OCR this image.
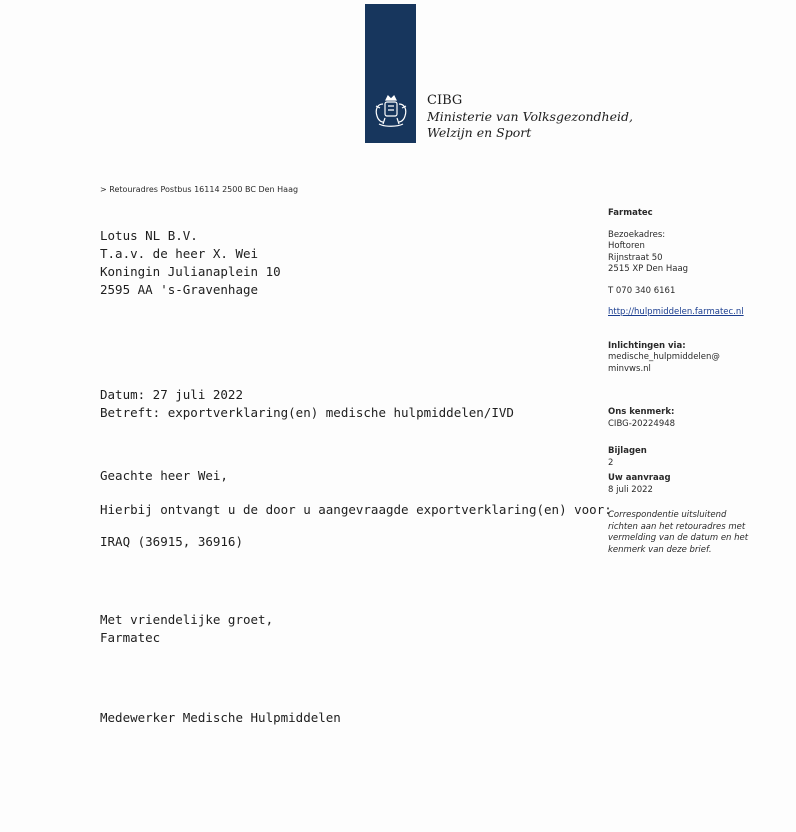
CIBG
Ministerie van Volksgezondheid,
Welzijn en Sport
> Retouradres Postbus 16114 2500 BC Den Haag
Lotus NL B.V.
T.a.v. de heer X. Wei
Koningin Julianaplein 10
2595 AA 's-Gravenhage
Datum: 27 juli 2022
Betreft: exportverklaring(en) medische hulpmiddelen/IVD
Geachte heer Wei,
Hierbij ontvangt u de door u aangevraagde exportverklaring(en) voor:
IRAQ (36915, 36916)
Met vriendelijke groet,
Farmatec
Medewerker Medische Hulpmiddelen
Farmatec
Bezoekadres:
Hoftoren
Rijnstraat 50
2515 XP Den Haag
T 070 340 6161
http://hulpmiddelen.farmatec.nl
Inlichtingen via:
medische_hulpmiddelen@
minvws.nl
Ons kenmerk:
CIBG-20224948
Bijlagen
2
Uw aanvraag
8 juli 2022
Correspondentie uitsluitend
richten aan het retouradres met
vermelding van de datum en het
kenmerk van deze brief.
